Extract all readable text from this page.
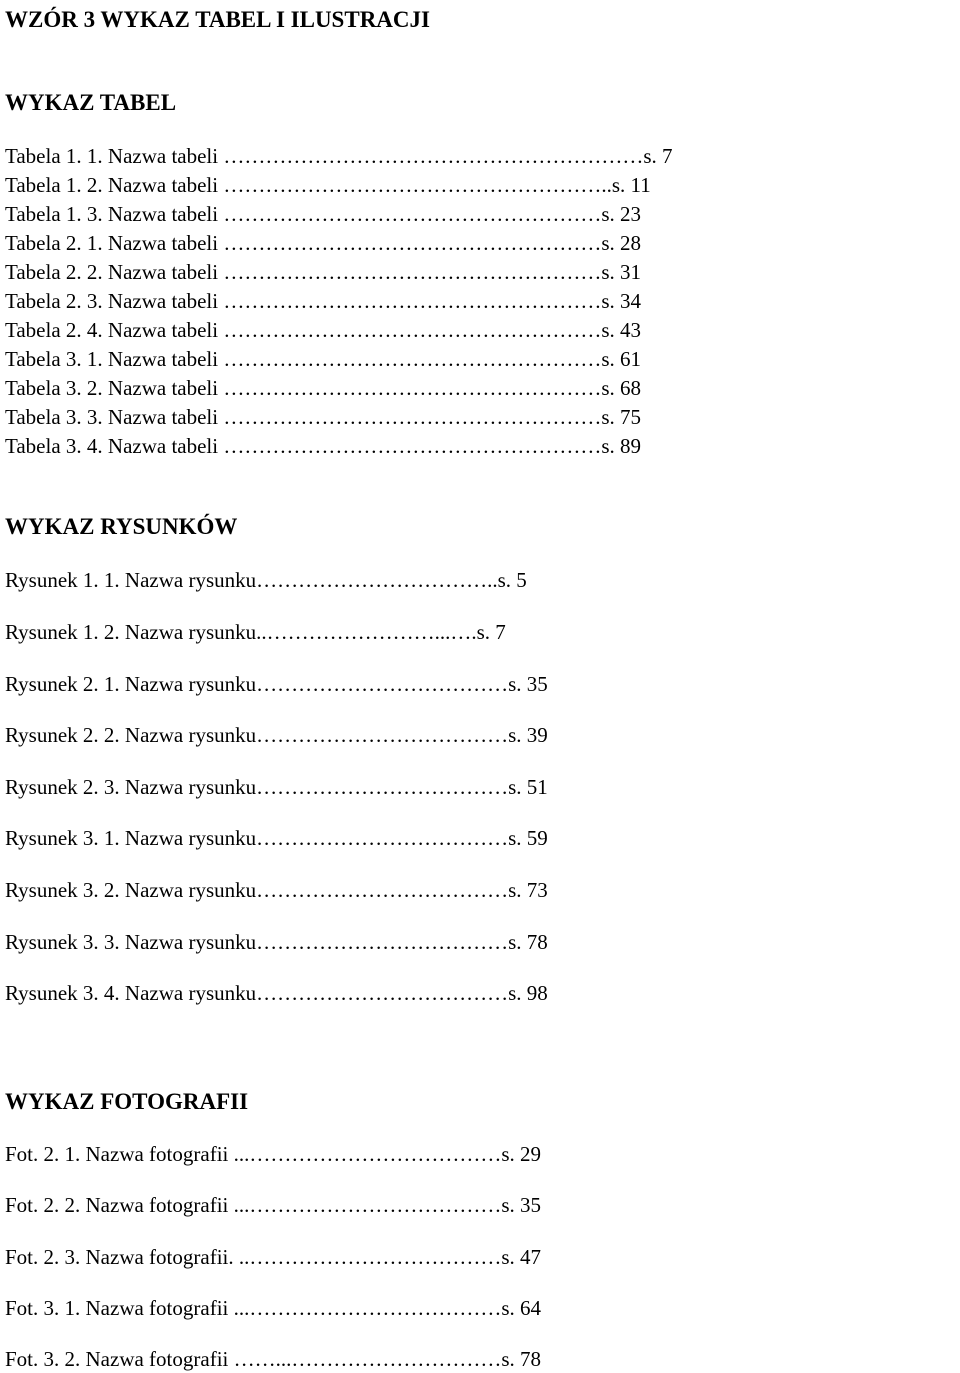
WZÓR 3 WYKAZ TABEL I ILUSTRACJI
WYKAZ TABEL
Tabela 1. 1. Nazwa tabeli ……………………………………………………s. 7
Tabela 1. 2. Nazwa tabeli ………………………………………………..s. 11
Tabela 1. 3. Nazwa tabeli ………………………………………………s. 23
Tabela 2. 1. Nazwa tabeli ………………………………………………s. 28
Tabela 2. 2. Nazwa tabeli ………………………………………………s. 31
Tabela 2. 3. Nazwa tabeli ………………………………………………s. 34
Tabela 2. 4. Nazwa tabeli ………………………………………………s. 43
Tabela 3. 1. Nazwa tabeli ………………………………………………s. 61
Tabela 3. 2. Nazwa tabeli ………………………………………………s. 68
Tabela 3. 3. Nazwa tabeli ………………………………………………s. 75
Tabela 3. 4. Nazwa tabeli ………………………………………………s. 89
WYKAZ RYSUNKÓW
Rysunek 1. 1. Nazwa rysunku……………………………..s. 5
Rysunek 1. 2. Nazwa rysunku..……………………...….s. 7
Rysunek 2. 1. Nazwa rysunku………………………………s. 35
Rysunek 2. 2. Nazwa rysunku………………………………s. 39
Rysunek 2. 3. Nazwa rysunku………………………………s. 51
Rysunek 3. 1. Nazwa rysunku………………………………s. 59
Rysunek 3. 2. Nazwa rysunku………………………………s. 73
Rysunek 3. 3. Nazwa rysunku………………………………s. 78
Rysunek 3. 4. Nazwa rysunku………………………………s. 98
WYKAZ FOTOGRAFII
Fot. 2. 1. Nazwa fotografii ...………………………………s. 29
Fot. 2. 2. Nazwa fotografii ...………………………………s. 35
Fot. 2. 3. Nazwa fotografii. ..………………………………s. 47
Fot. 3. 1. Nazwa fotografii ...………………………………s. 64
Fot. 3. 2. Nazwa fotografii ……...…………………………s. 78
